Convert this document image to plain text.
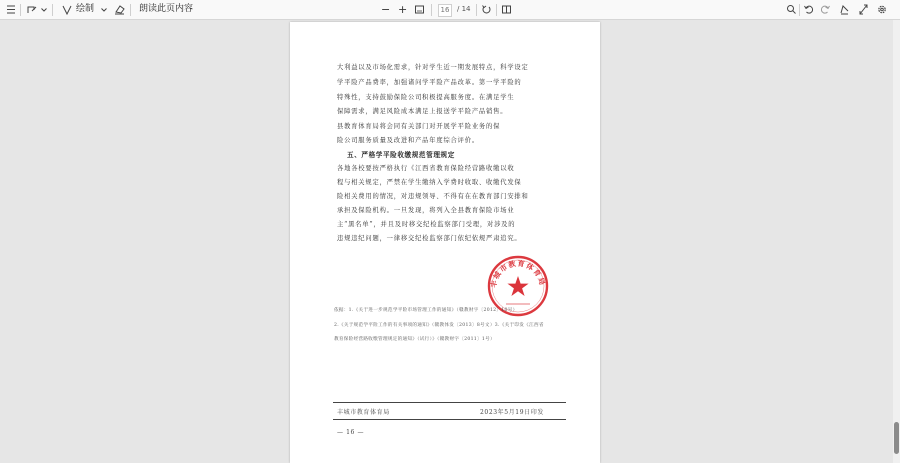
绘制	朗读此页内容	− +	16	/ 14
大利益以及市场化需求，针对学生近一期发展特点，科学设定
学平险产品费率，加强诸问学平险产品改革。第一学平险的
特殊性，支持鼓励保险公司积极提高服务度。在满足学生
保障需求，满足风险成本满足上报送学平险产品销售。
县教育体育局将会同有关部门对开展学平险业务的保
险公司服务质量及改进和产品年度综合评价。
五、严格学平险收缴规范管理规定
各地各校要按严格执行《江西省教育保险经营路收缴以收
程与相关规定，严禁在学生缴纳入学费时收取、收缴代发保
险相关费用的情况，对违规领导、不得有在在教育部门安排和
承担及保险机构。一旦发现，将列入全县教育保险市场业
主“黑名单”，并且及时移交纪检监察部门受理，对涉及的
违规违纪问题，一律移交纪检监察部门依纪依规严肃追究。
丰城市教育体育局
依据：1.《关于进一步规范学平险市场管理工作的通知》（赣教财字〔2012〕10号）
2.《关于规范学平险工作的有关事项的通知》（赣教体发〔2013〕8号文）3.《关于印发《江西省
教育保险经营路收缴管理规定的通知》（试行）》（赣教财字〔2011〕1号）
丰城市教育体育局	2023年5月19日印发
— 16 —
